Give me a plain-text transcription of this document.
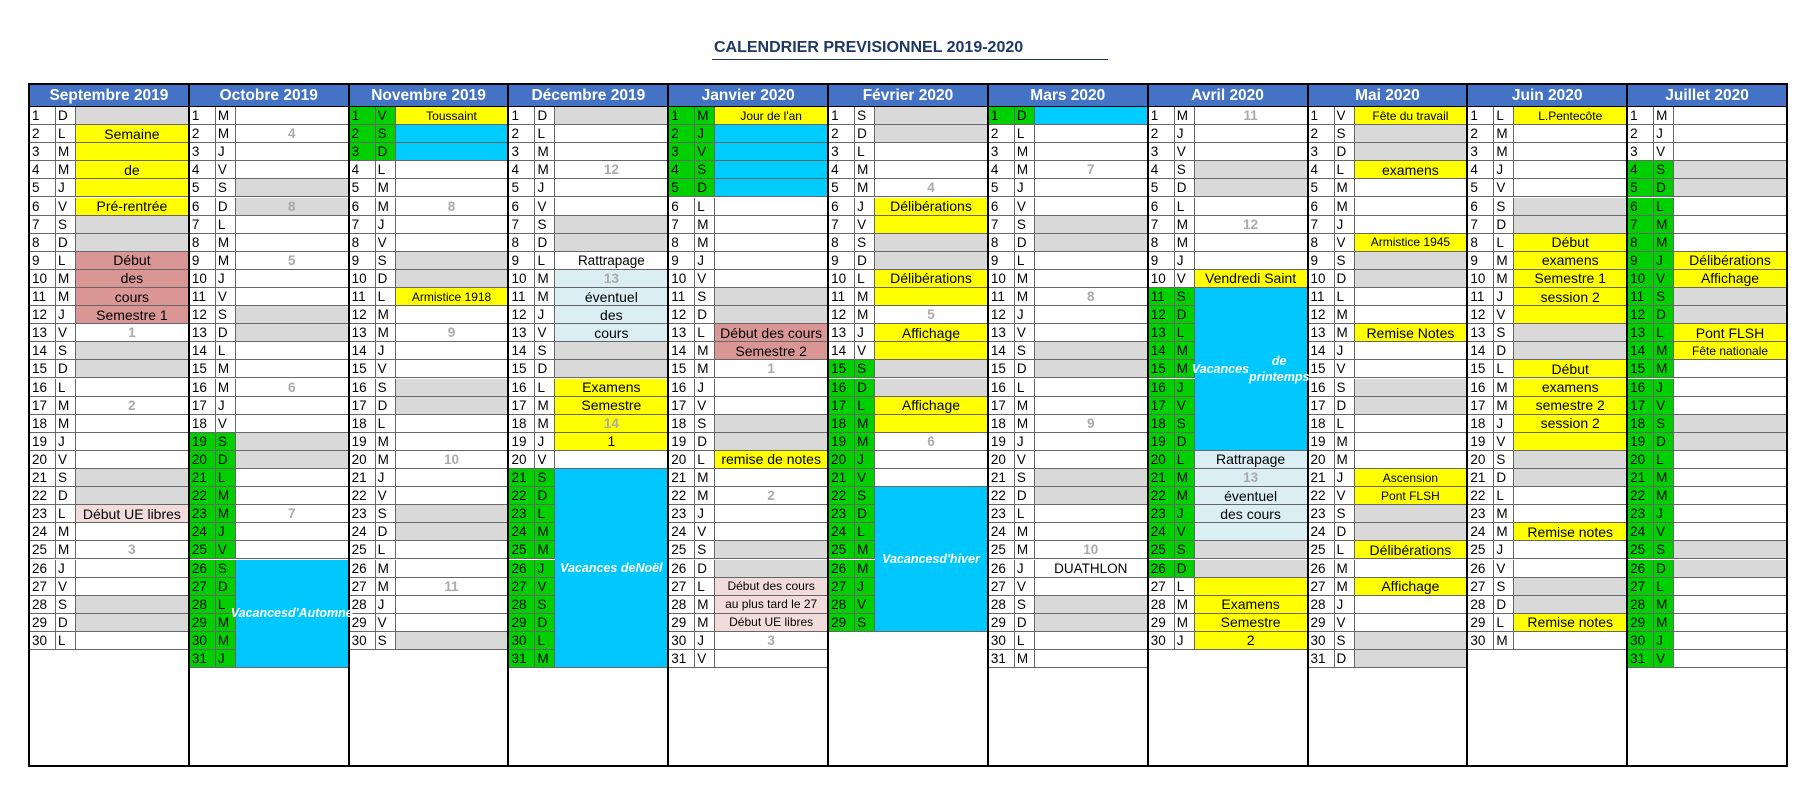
CALENDRIER PREVISIONNEL 2019-2020
Septembre 2019
1	D
2	L	Semaine
3	M
4	M	de
5	J
6	V	Pré-rentrée
7	S
8	D
9	L	Début
10 M	des
11 M	cours
12 J	Semestre 1
13 V	1
14 S
15 D
16 L
17 M	2
18 M
19 J
20 V
21 S
22 D
23 L	Début UE libres
24 M
25 M	3
26 J
27 V
28 S
29 D
30 L
Octobre 2019
1	M
2	M	4
3	J
4	V
5	S
6	D	8
7	L
8	M
9	M	5
10 J
11 V
12 S
13 D
14 L
15 M
16 M	6
17 J
18 V
19 S
20 D
21 L
22 M
23 M	7
24 J
25 V
26 S
27 D
28 L
29 M
30 M
31 J
Vacances d'Automne
Novembre 2019
1	V	Toussaint
2	S
3	D
4	L
5	M
6	M	8
7	J
8	V
9	S
10 D
11 L	Armistice 1918
12 M
13 M	9
14 J
15 V
16 S
17 D
18 L
19 M
20 M	10
21 J
22 V
23 S
24 D
25 L
26 M
27 M	11
28 J
29 V
30 S
Décembre 2019
1	D
2	L
3	M
4	M	12
5	J
6	V
7	S
8	D
9	L	Rattrapage
10 M	13
11 M	éventuel
12 J	des
13 V	cours
14 S
15 D
16 L	Examens
17 M	Semestre
18 M	14
19 J	1
20 V
21 S
22 D
23 L
24 M
25 M
26 J
27 V
28 S
29 D
30 L
31 M
Vacances de Noël
Janvier 2020
1	M	Jour de l'an
2	J
3	V
4	S
5	D
6	L
7	M
8	M
9	J
10 V
11 S
12 D
13 L	Début des cours
14 M	Semestre 2
15 M	1
16 J
17 V
18 S
19 D
20 L	remise de notes
21 M
22 M	2
23 J
24 V
25 S
26 D
27 L	Début des cours
28 M	au plus tard le 27
29 M	Début UE libres
30 J	3
31 V
Février 2020
1	S
2	D
3	L
4	M
5	M	4
6	J	Délibérations
7	V
8	S
9	D
10 L	Délibérations
11 M
12 M	5
13 J	Affichage
14 V
15 S
16 D
17 L	Affichage
18 M
19 M	6
20 J
21 V
22 S
23 D
24 L
25 M
26 M
27 J
28 V
29 S
Vacances d'hiver
Mars 2020
1	D
2	L
3	M
4	M	7
5	J
6	V
7	S
8	D
9	L
10 M
11 M	8
12 J
13 V
14 S
15 D
16 L
17 M
18 M	9
19 J
20 V
21 S
22 D
23 L
24 M
25 M	10
26 J	DUATHLON
27 V
28 S
29 D
30 L
31 M
Avril 2020
1	M	11
2	J
3	V
4	S
5	D
6	L
7	M	12
8	M
9	J
10 V	Vendredi Saint
11 S
12 D
13 L
14 M
15 M
16 J
17 V
18 S
19 D
20 L	Rattrapage
21 M	13
22 M	éventuel
23 J	des cours
24 V
25 S
26 D
27 L
28 M	Examens
29 M	Semestre
30 J	2
Vacances
de printemps
Mai 2020
1	V	Fête du travail
2	S
3	D
4	L	examens
5	M
6	M
7	J
8	V	Armistice 1945
9	S
10 D
11 L
12 M
13 M	Remise Notes
14 J
15 V
16 S
17 D
18 L
19 M
20 M
21 J	Ascension
22 V	Pont FLSH
23 S
24 D
25 L	Délibérations
26 M
27 M	Affichage
28 J
29 V
30 S
31 D
Juin 2020
1	L	L.Pentecôte
2	M
3	M
4	J
5	V
6	S
7	D
8	L	Début
9	M	examens
10 M	Semestre 1
11 J	session 2
12 V
13 S
14 D
15 L	Début
16 M	examens
17 M	semestre 2
18 J	session 2
19 V
20 S
21 D
22 L
23 M
24 M	Remise notes
25 J
26 V
27 S
28 D
29 L	Remise notes
30 M
Juillet 2020
1	M
2	J
3	V
4	S
5	D
6	L
7	M
8	M
9	J	Délibérations
10 V	Affichage
11 S
12 D
13 L	Pont FLSH
14 M	Fête nationale
15 M
16 J
17 V
18 S
19 D
20 L
21 M
22 M
23 J
24 V
25 S
26 D
27 L
28 M
29 M
30 J
31 V
